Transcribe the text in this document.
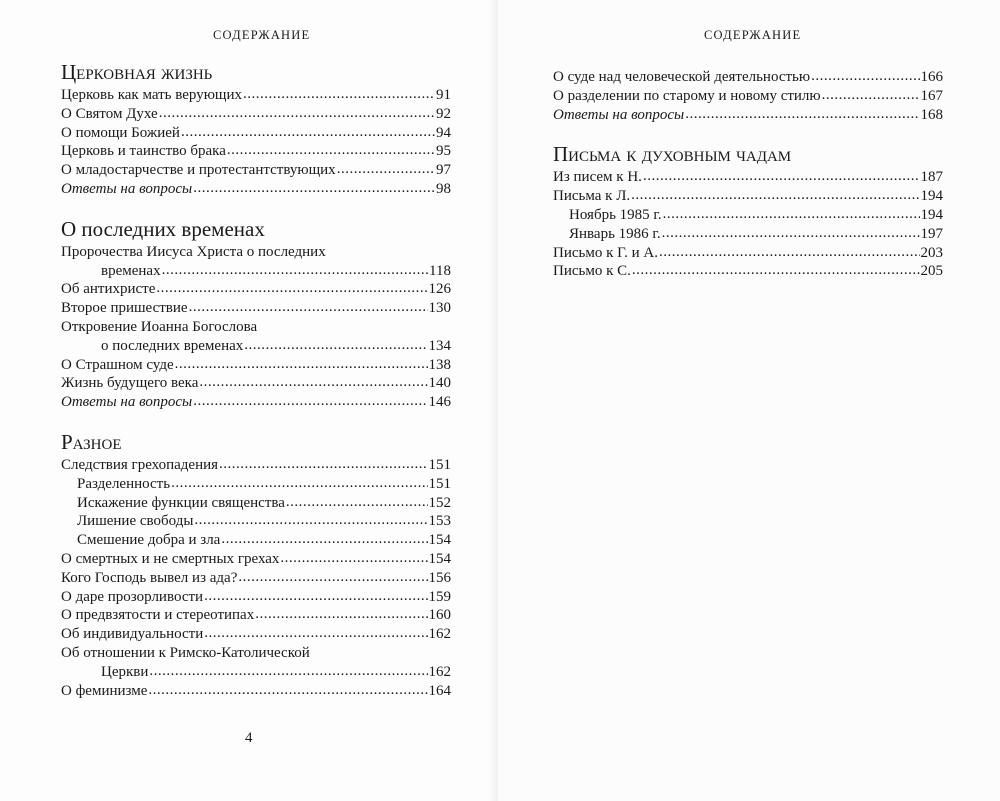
СОДЕРЖАНИЕ
Церковная жизнь
Церковь как мать верующих .....	91
О Святом Духе .....	92
О помощи Божией .....	94
Церковь и таинство брака .....	95
О младостарчестве и протестантствующих .....	97
Ответы на вопросы .....	98
О последних временах
Пророчества Иисуса Христа о последних
временах .....	118
Об антихристе .....	126
Второе пришествие .....	130
Откровение Иоанна Богослова
о последних временах .....	134
О Страшном суде .....	138
Жизнь будущего века .....	140
Ответы на вопросы .....	146
Разное
Следствия грехопадения .....	151
Разделенность .....	151
Искажение функции священства .....	152
Лишение свободы .....	153
Смешение добра и зла .....	154
О смертных и не смертных грехах .....	154
Кого Господь вывел из ада? .....	156
О даре прозорливости .....	159
О предвзятости и стереотипах .....	160
Об индивидуальности .....	162
Об отношении к Римско-Католической
Церкви .....	162
О феминизме .....	164
4
СОДЕРЖАНИЕ
О суде над человеческой деятельностью .....	166
О разделении по старому и новому стилю .....	167
Ответы на вопросы .....	168
Письма к духовным чадам
Из писем к Н. .....	187
Письма к Л. .....	194
Ноябрь 1985 г. .....	194
Январь 1986 г. .....	197
Письмо к Г. и А. .....	203
Письмо к С. .....	205
